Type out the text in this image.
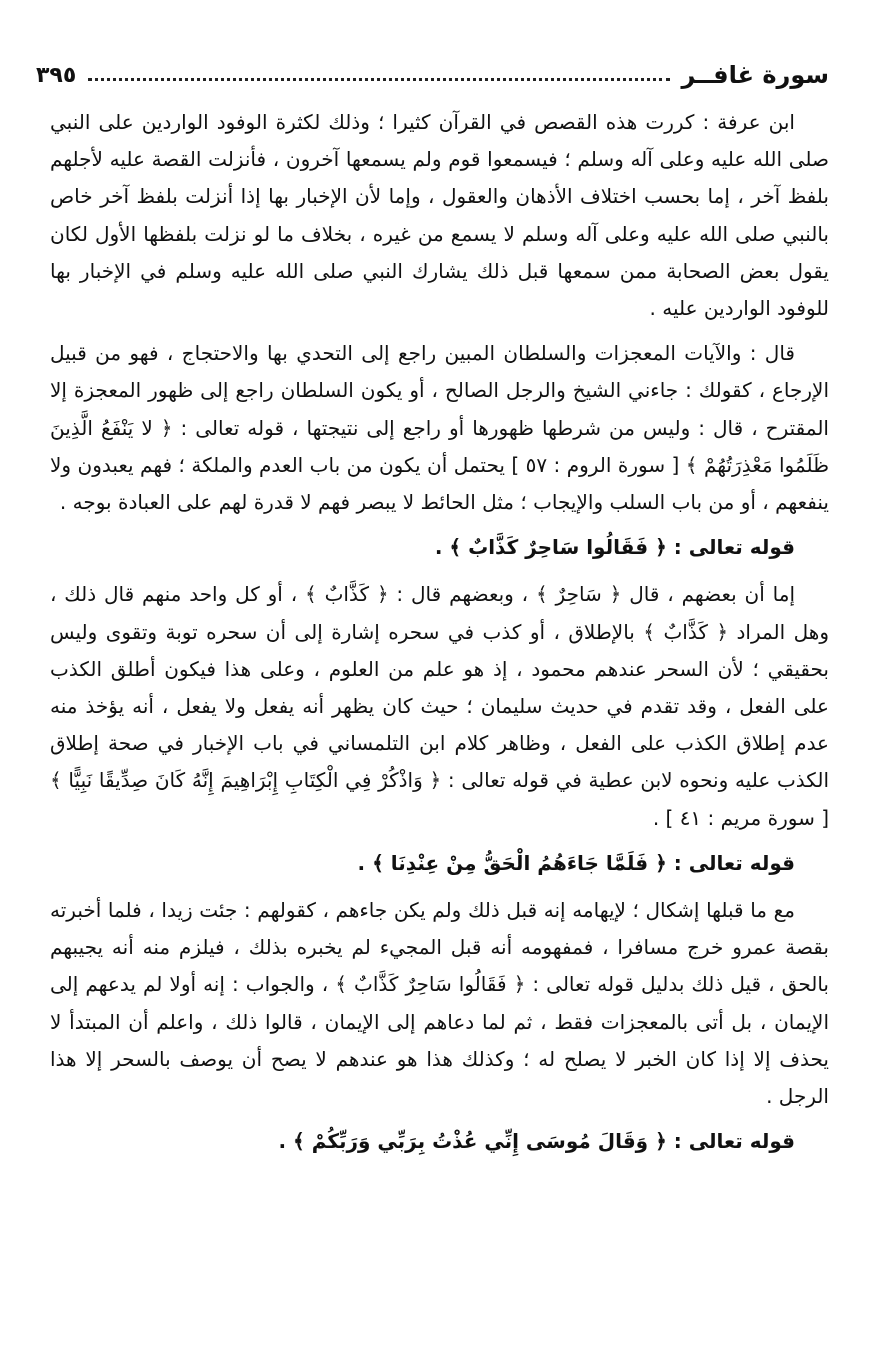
سورة غافــر
٣٩٥

ابن عرفة : كررت هذه القصص في القرآن كثيرا ؛ وذلك لكثرة الوفود الواردين على النبي صلى الله عليه وعلى آله وسلم ؛ فيسمعوا قوم ولم يسمعها آخرون ، فأنزلت القصة عليه لأجلهم بلفظ آخر ، إما بحسب اختلاف الأذهان والعقول ، وإما لأن الإخبار بها إذا أنزلت بلفظ آخر خاص بالنبي صلى الله عليه وعلى آله وسلم لا يسمع من غيره ، بخلاف ما لو نزلت بلفظها الأول لكان يقول بعض الصحابة ممن سمعها قبل ذلك يشارك النبي صلى الله عليه وسلم في الإخبار بها للوفود الواردين عليه .

قال : والآيات المعجزات والسلطان المبين راجع إلى التحدي بها والاحتجاج ، فهو من قبيل الإرجاع ، كقولك : جاءني الشيخ والرجل الصالح ، أو يكون السلطان راجع إلى ظهور المعجزة إلا المقترح ، قال : وليس من شرطها ظهورها أو راجع إلى نتيجتها ، قوله تعالى : ﴿ لا يَنْفَعُ الَّذِينَ ظَلَمُوا مَعْذِرَتُهُمْ ﴾ [ سورة الروم : ٥٧ ] يحتمل أن يكون من باب العدم والملكة ؛ فهم يعبدون ولا ينفعهم ، أو من باب السلب والإيجاب ؛ مثل الحائط لا يبصر فهم لا قدرة لهم على العبادة بوجه .

قوله تعالى : ﴿ فَقَالُوا سَاحِرٌ كَذَّابٌ ﴾ .

إما أن بعضهم ، قال ﴿ سَاحِرٌ ﴾ ، وبعضهم قال : ﴿ كَذَّابٌ ﴾ ، أو كل واحد منهم قال ذلك ، وهل المراد ﴿ كَذَّابٌ ﴾ بالإطلاق ، أو كذب في سحره إشارة إلى أن سحره توبة وتقوى وليس بحقيقي ؛ لأن السحر عندهم محمود ، إذ هو علم من العلوم ، وعلى هذا فيكون أطلق الكذب على الفعل ، وقد تقدم في حديث سليمان ؛ حيث كان يظهر أنه يفعل ولا يفعل ، أنه يؤخذ منه عدم إطلاق الكذب على الفعل ، وظاهر كلام ابن التلمساني في باب الإخبار في صحة إطلاق الكذب عليه ونحوه لابن عطية في قوله تعالى : ﴿ وَاذْكُرْ فِي الْكِتَابِ إِبْرَاهِيمَ إِنَّهُ كَانَ صِدِّيقًا نَبِيًّا ﴾ [ سورة مريم : ٤١ ] .

قوله تعالى : ﴿ فَلَمَّا جَاءَهُمُ الْحَقُّ مِنْ عِنْدِنَا ﴾ .

مع ما قبلها إشكال ؛ لإيهامه إنه قبل ذلك ولم يكن جاءهم ، كقولهم : جئت زيدا ، فلما أخبرته بقصة عمرو خرج مسافرا ، فمفهومه أنه قبل المجيء لم يخبره بذلك ، فيلزم منه أنه يجيبهم بالحق ، قيل ذلك بدليل قوله تعالى : ﴿ فَقَالُوا سَاحِرٌ كَذَّابٌ ﴾ ، والجواب : إنه أولا لم يدعهم إلى الإيمان ، بل أتى بالمعجزات فقط ، ثم لما دعاهم إلى الإيمان ، قالوا ذلك ، واعلم أن المبتدأ لا يحذف إلا إذا كان الخبر لا يصلح له ؛ وكذلك هذا هو عندهم لا يصح أن يوصف بالسحر إلا هذا الرجل .

قوله تعالى : ﴿ وَقَالَ مُوسَى إِنِّي عُذْتُ بِرَبِّي وَرَبِّكُمْ ﴾ .
